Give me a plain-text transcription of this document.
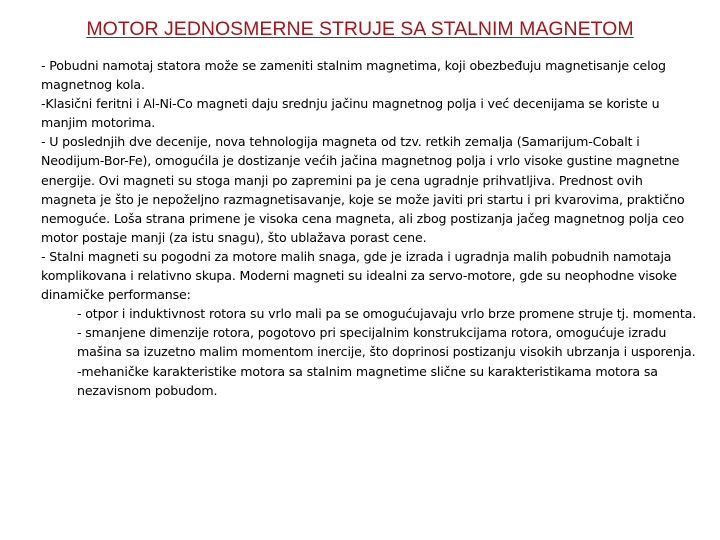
MOTOR JEDNOSMERNE STRUJE SA STALNIM MAGNETOM

- Pobudni namotaj statora može se zameniti stalnim magnetima, koji obezbeđuju magnetisanje celog magnetnog kola.

-Klasični feritni i Al-Ni-Co magneti daju srednju jačinu magnetnog polja i već decenijama se koriste u manjim motorima.

- U poslednjih dve decenije, nova tehnologija magneta od tzv. retkih zemalja (Samarijum-Cobalt i Neodijum-Bor-Fe), omogućila je dostizanje većih jačina magnetnog polja i vrlo visoke gustine magnetne energije. Ovi magneti su stoga manji po zapremini pa je cena ugradnje prihvatljiva. Prednost ovih magneta je što je nepoželjno razmagnetisavanje, koje se može javiti pri startu i pri kvarovima, praktično nemoguće. Loša strana primene je visoka cena magneta, ali zbog postizanja jačeg magnetnog polja ceo motor postaje manji (za istu snagu), što ublažava porast cene.

- Stalni magneti su pogodni za motore malih snaga, gde je izrada i ugradnja malih pobudnih namotaja komplikovana i relativno skupa. Moderni magneti su idealni za servo-motore, gde su neophodne visoke dinamičke performanse:

- otpor i induktivnost rotora su vrlo mali pa se omogućujavaju vrlo brze promene struje tj. momenta.
- smanjene dimenzije rotora, pogotovo pri specijalnim konstrukcijama rotora, omogućuje izradu mašina sa izuzetno malim momentom inercije, što doprinosi postizanju visokih ubrzanja i usporenja.
-mehaničke karakteristike motora sa stalnim magnetime slične su karakteristikama motora sa nezavisnom pobudom.
